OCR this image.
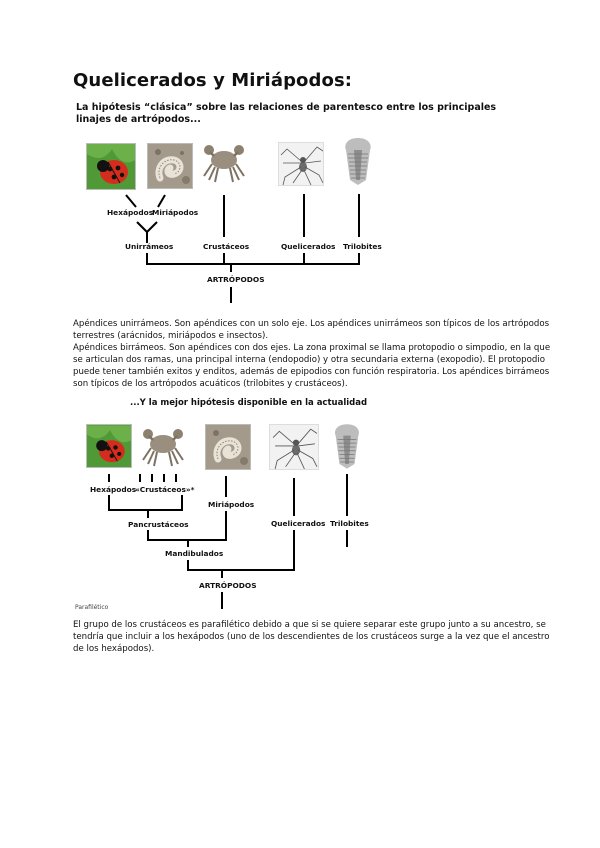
Quelicerados y Miriápodos:
La hipótesis “clásica” sobre las relaciones de parentesco entre los principales
linajes de artrópodos...
Hexápodos
Miriápodos
Unirrámeos	Crustáceos	Quelicerados Trilobites
ARTRÓPODOS
Apéndices unirrámeos. Son apéndices con un solo eje. Los apéndices unirrámeos son típicos de los artrópodos
terrestres (arácnidos, miriápodos e insectos).
Apéndices birrámeos. Son apéndices con dos ejes. La zona proximal se llama protopodio o simpodio, en la que
se articulan dos ramas, una principal interna (endopodio) y otra secundaria externa (exopodio). El protopodio
puede tener también exitos y enditos, además de epipodios con función respiratoria. Los apéndices birrámeos
son típicos de los artrópodos acuáticos (trilobites y crustáceos).
...Y la mejor hipótesis disponible en la actualidad
Hexápodos
«Crustáceos»*
Miriápodos
Pancrustáceos	Quelicerados Trilobites
Mandibulados
ARTRÓPODOS
Parafilético
El grupo de los crustáceos es parafilético debido a que si se quiere separar este grupo junto a su ancestro, se
tendría que incluir a los hexápodos (uno de los descendientes de los crustáceos surge a la vez que el ancestro
de los hexápodos).
